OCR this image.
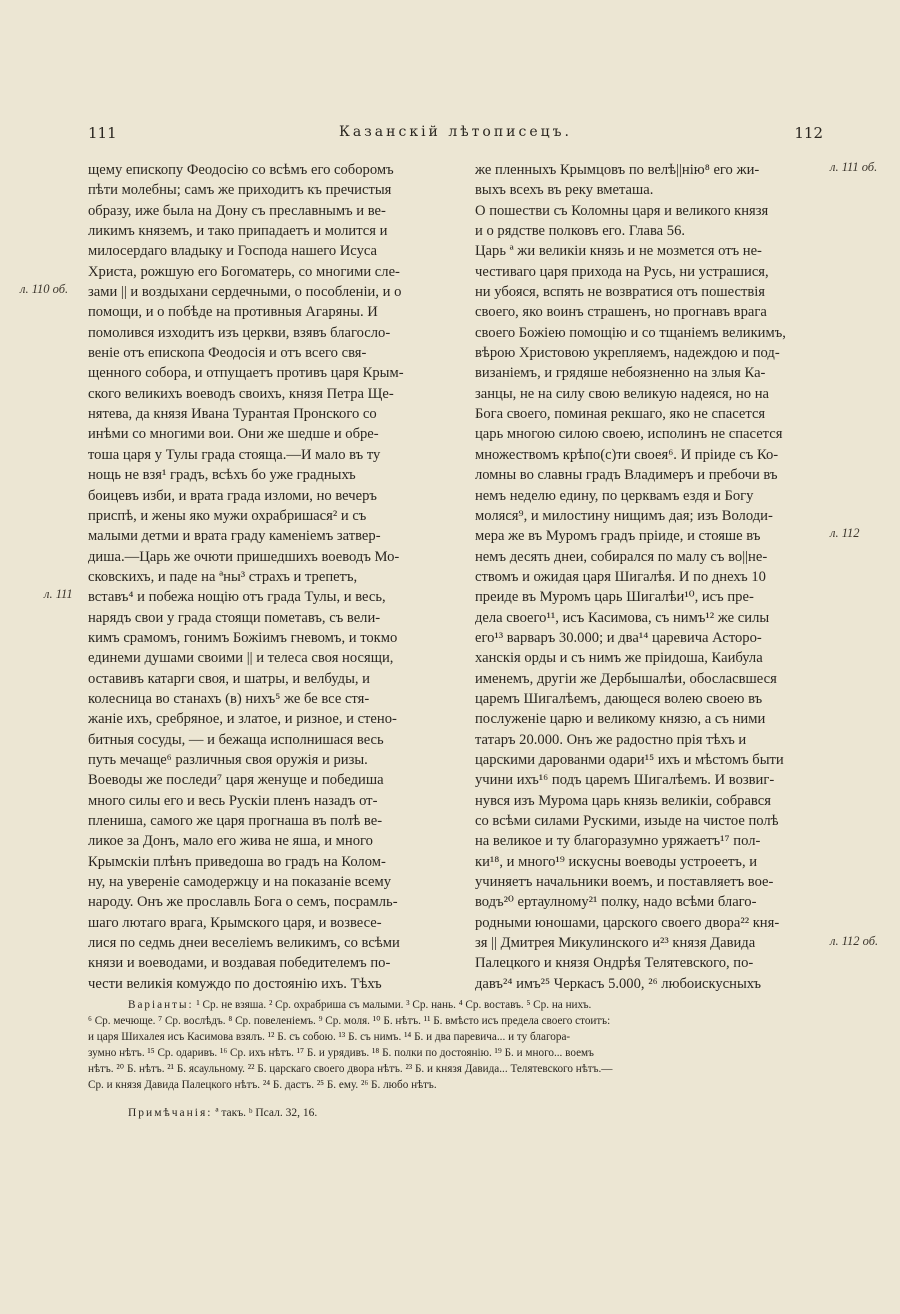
111	Казанскій лѣтописецъ.	112
щему епископу Феодосію со всѣмъ его соборомъ
пѣти молебны; самъ же приходитъ къ пречистыя
образу, иже была на Дону съ преславнымъ и ве-
ликимъ княземъ, и тако припадаетъ и молится и
милосердаго владыку и Господа нашего Исуса
Христа, рожшую его Богоматерь, со многими сле-
зами || и воздыхани сердечными, о пособленіи, и о
помощи, и о побѣде на противныя Агаряны. И
помолився изходитъ изъ церкви, взявъ благосло-
веніе отъ епископа Феодосія и отъ всего свя-
щенного собора, и отпущаетъ противъ царя Крым-
ского великихъ воеводъ своихъ, князя Петра Ще-
нятева, да князя Ивана Турантая Пронского со
инѣми со многими вои. Они же шедше и обре-
тоша царя у Тулы града стояща.—И мало въ ту
нощь не взя¹ градъ, всѣхъ бо уже градныхъ
боицевъ изби, и врата града изломи, но вечеръ
приспѣ, и жены яко мужи охрабришася² и съ
малыми детми и врата граду каменіемъ затвер-
диша.—Царь же очюти пришедшихъ воеводъ Мо-
сковскихъ, и паде на ªны³ страхъ и трепетъ,
вставъ⁴ и побежа нощію отъ града Тулы, и весь,
нарядъ свои у града стоящи пометавъ, съ вели-
кимъ срамомъ, гонимъ Божіимъ гневомъ, и токмо
единеми душами своими || и телеса своя носящи,
оставивъ катарги своя, и шатры, и велбуды, и
колесница во станахъ (в) нихъ⁵ же бе все стя-
жаніе ихъ, сребряное, и златое, и ризное, и стено-
битныя сосуды, — и бежаща исполнишася весь
путь мечаще⁶ различныя своя оружія и ризы.
Воеводы же последи⁷ царя женуще и победиша
много силы его и весь Рускіи пленъ назадъ от-
плениша, самого же царя прогнаша въ полѣ ве-
ликое за Донъ, мало его жива не яша, и много
Крымскіи плѣнъ приведоша во градъ на Колом-
ну, на увереніе самодержцу и на показаніе всему
народу. Онъ же прославль Бога о семъ, посрамль-
шаго лютаго врага, Крымского царя, и возвесе-
лися по седмь днеи веселіемъ великимъ, со всѣми
князи и воеводами, и воздавая победителемъ по-
чести великія комуждо по достоянію ихъ. Тѣхъ
же пленныхъ Крымцовъ по велѣ||нію⁸ его жи-
выхъ всехъ въ реку вметаша.
О пошестви съ Коломны царя и великого князя
и о рядстве полковъ его. Глава 56.
Царь ª жи великіи князь и не мозмется отъ не-
честиваго царя прихода на Русь, ни устрашися,
ни убояся, вспять не возвратися отъ пошествія
своего, яко воинъ страшенъ, но прогнавъ врага
своего Божіею помощію и со тщаніемъ великимъ,
вѣрою Христовою укрепляемъ, надеждою и под-
визаніемъ, и грядяше небоязненно на злыя Ка-
занцы, не на силу свою великую надеяся, но на
Бога своего, поминая рекшаго, яко не спасется
царь многою силою своею, исполинъ не спасется
множествомъ крѣпо(с)ти своея⁶. И пріиде съ Ко-
ломны во славны градъ Владимеръ и пребочи въ
немъ неделю едину, по церквамъ ездя и Богу
моляся⁹, и милостину нищимъ дая; изъ Володи-
мера же въ Муромъ градъ пріиде, и стояше въ
немъ десять днеи, собирался по малу съ во||не-
ствомъ и ожидая царя Шигалѣя. И по днехъ 10
преиде въ Муромъ царь Шигалѣи¹⁰, исъ пре-
дела своего¹¹, исъ Касимова, съ нимъ¹² же силы
его¹³ варваръ 30.000; и два¹⁴ царевича Асторо-
ханскія орды и съ нимъ же пріидоша, Каибула
именемъ, другіи же Дербышалѣи, обосласвшеся
царемъ Шигалѣемъ, дающеся волею своею въ
послуженіе царю и великому князю, а съ ними
татаръ 20.000. Онъ же радостно прія тѣхъ и
царскими дарованми одари¹⁵ ихъ и мѣстомъ быти
учини ихъ¹⁶ подъ царемъ Шигалѣемъ. И возвиг-
нувся изъ Мурома царь князь великіи, собрався
со всѣми силами Рускими, изыде на чистое полѣ
на великое и ту благоразумно уряжаетъ¹⁷ пол-
ки¹⁸, и много¹⁹ искусны воеводы устроеетъ, и
учиняетъ начальники воемъ, и поставляетъ вое-
водъ²⁰ ертаулному²¹ полку, надо всѣми благо-
родными юношами, царского своего двора²² кня-
зя || Дмитрея Микулинского и²³ князя Давида
Палецкого и князя Ондрѣя Телятевского, по-
давъ²⁴ имъ²⁵ Черкасъ 5.000, ²⁶ любоискусныхъ
л. 110 об.
л. 111
л. 111 об.
л. 112
л. 112 об.
Варіанты: ¹ Ср. не взяша. ² Ср. охрабриша съ малыми. ³ Ср. нань. ⁴ Ср. воставъ. ⁵ Ср. на нихъ.
⁶ Ср. мечюще. ⁷ Ср. вослѣдъ. ⁸ Ср. повеленіемъ. ⁹ Ср. моля. ¹⁰ Б. нѣтъ. ¹¹ Б. вмѣсто исъ предела своего стоитъ:
и царя Шихалея исъ Касимова взялъ. ¹² Б. съ собою. ¹³ Б. съ нимъ. ¹⁴ Б. и два паревича... и ту благора-
зумно нѣтъ. ¹⁵ Ср. одаривъ. ¹⁶ Ср. ихъ нѣтъ. ¹⁷ Б. и урядивъ. ¹⁸ Б. полки по достоянію. ¹⁹ Б. и много... воемъ
нѣтъ. ²⁰ Б. нѣтъ. ²¹ Б. ясаульному. ²² Б. царскаго своего двора нѣтъ. ²³ Б. и князя Давида... Телятевского нѣтъ.—
Ср. и князя Давида Палецкого нѣтъ. ²⁴ Б. дастъ. ²⁵ Б. ему. ²⁶ Б. любо нѣтъ.
Примѣчанія: ª такъ. ᵇ Псал. 32, 16.
